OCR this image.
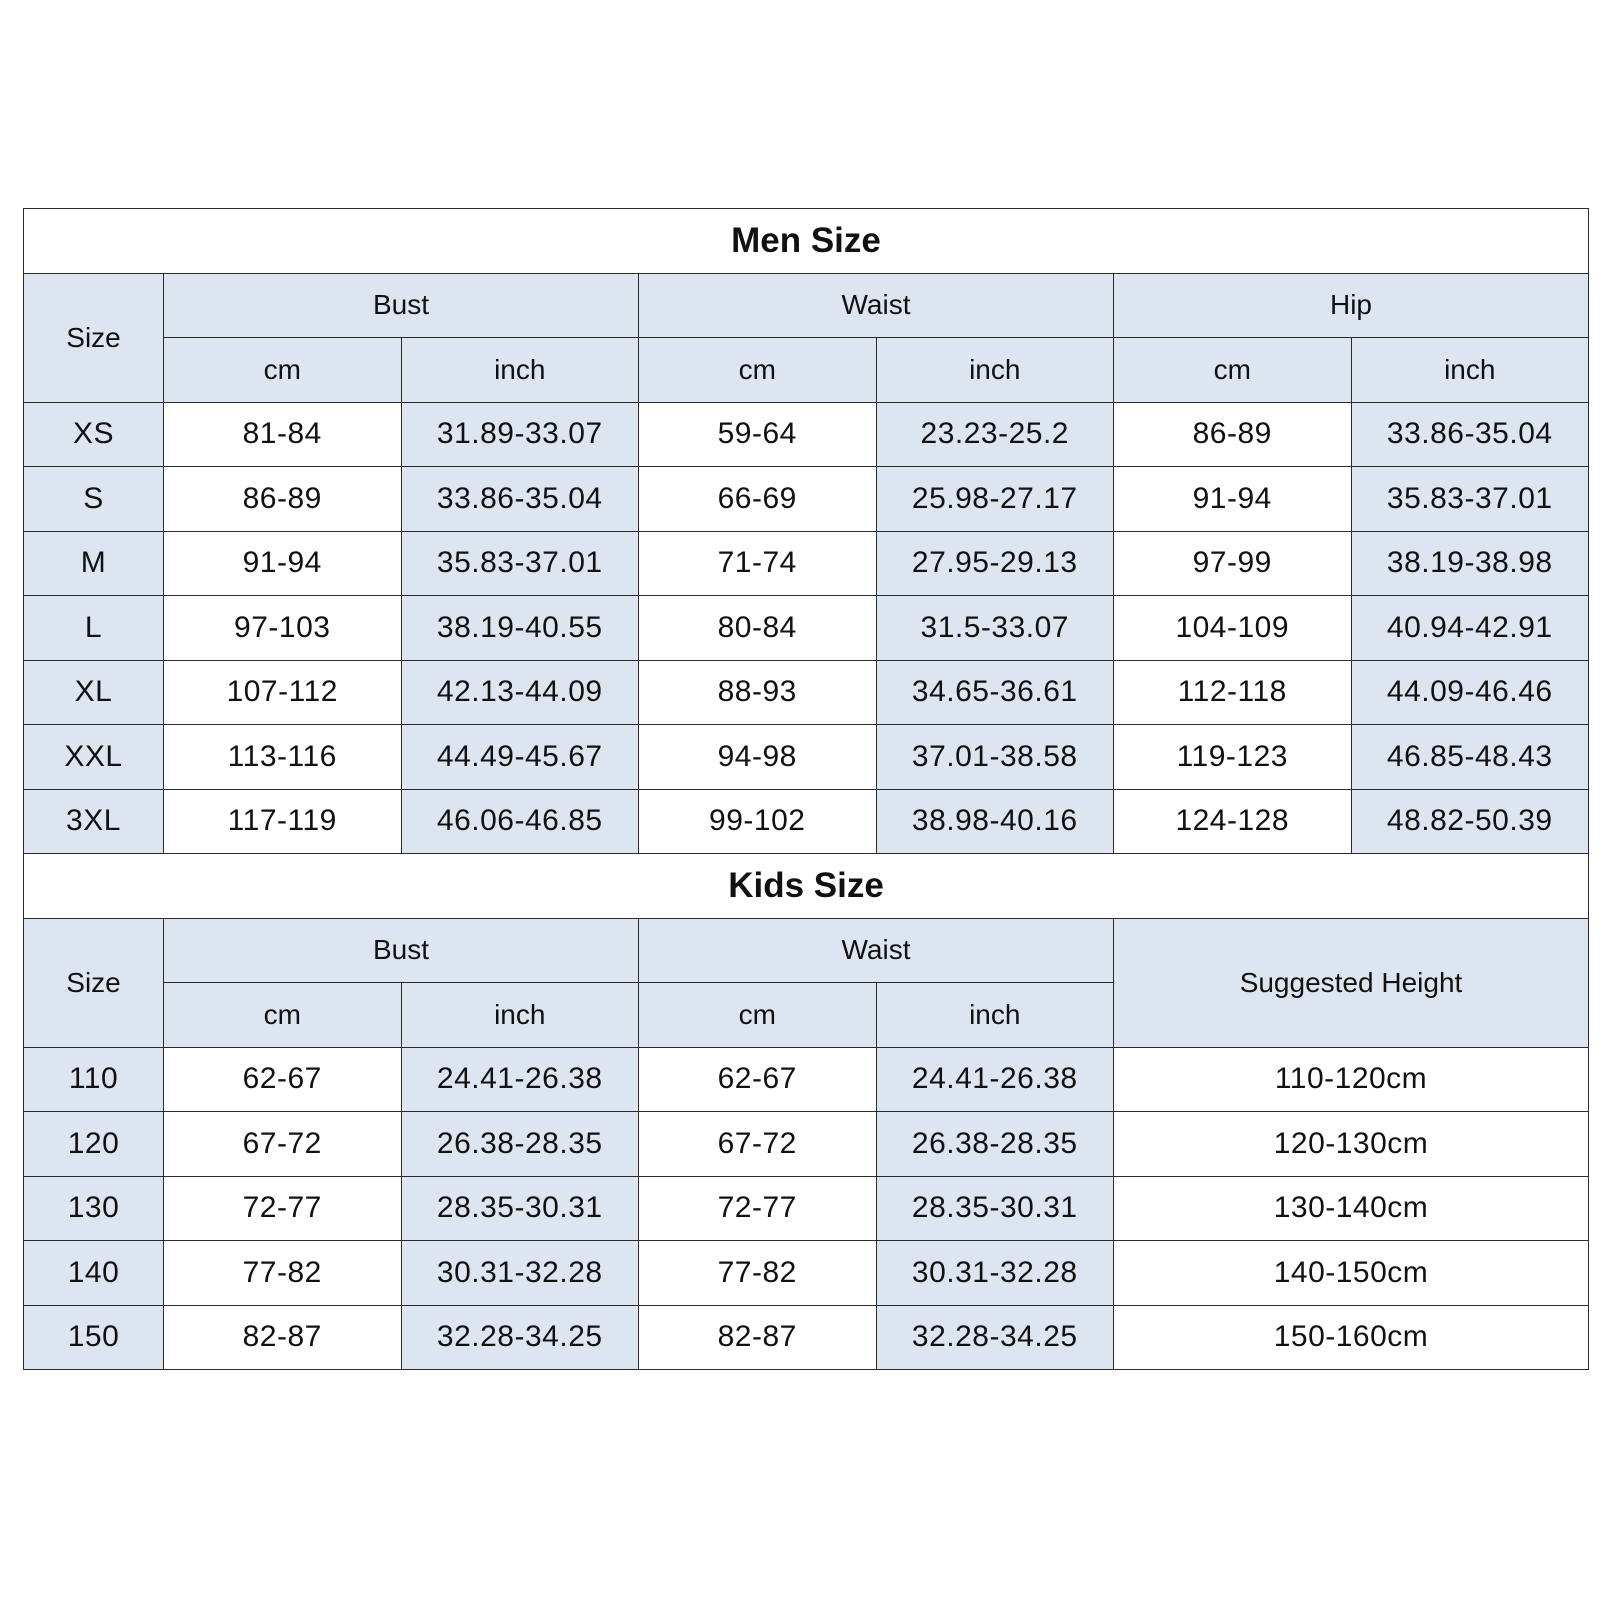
Men Size						
Size	Bust		Waist		Hip	
	cm	inch	cm	inch	cm	inch
XS	81-84	31.89-33.07	59-64	23.23-25.2	86-89	33.86-35.04
S	86-89	33.86-35.04	66-69	25.98-27.17	91-94	35.83-37.01
M	91-94	35.83-37.01	71-74	27.95-29.13	97-99	38.19-38.98
L	97-103	38.19-40.55	80-84	31.5-33.07	104-109	40.94-42.91
XL	107-112	42.13-44.09	88-93	34.65-36.61	112-118	44.09-46.46
XXL	113-116	44.49-45.67	94-98	37.01-38.58	119-123	46.85-48.43
3XL	117-119	46.06-46.85	99-102	38.98-40.16	124-128	48.82-50.39
Kids Size						
Size	Bust		Waist		Suggested Height	
	cm	inch	cm	inch		
110	62-67	24.41-26.38	62-67	24.41-26.38	110-120cm	
120	67-72	26.38-28.35	67-72	26.38-28.35	120-130cm	
130	72-77	28.35-30.31	72-77	28.35-30.31	130-140cm	
140	77-82	30.31-32.28	77-82	30.31-32.28	140-150cm	
150	82-87	32.28-34.25	82-87	32.28-34.25	150-160cm	
